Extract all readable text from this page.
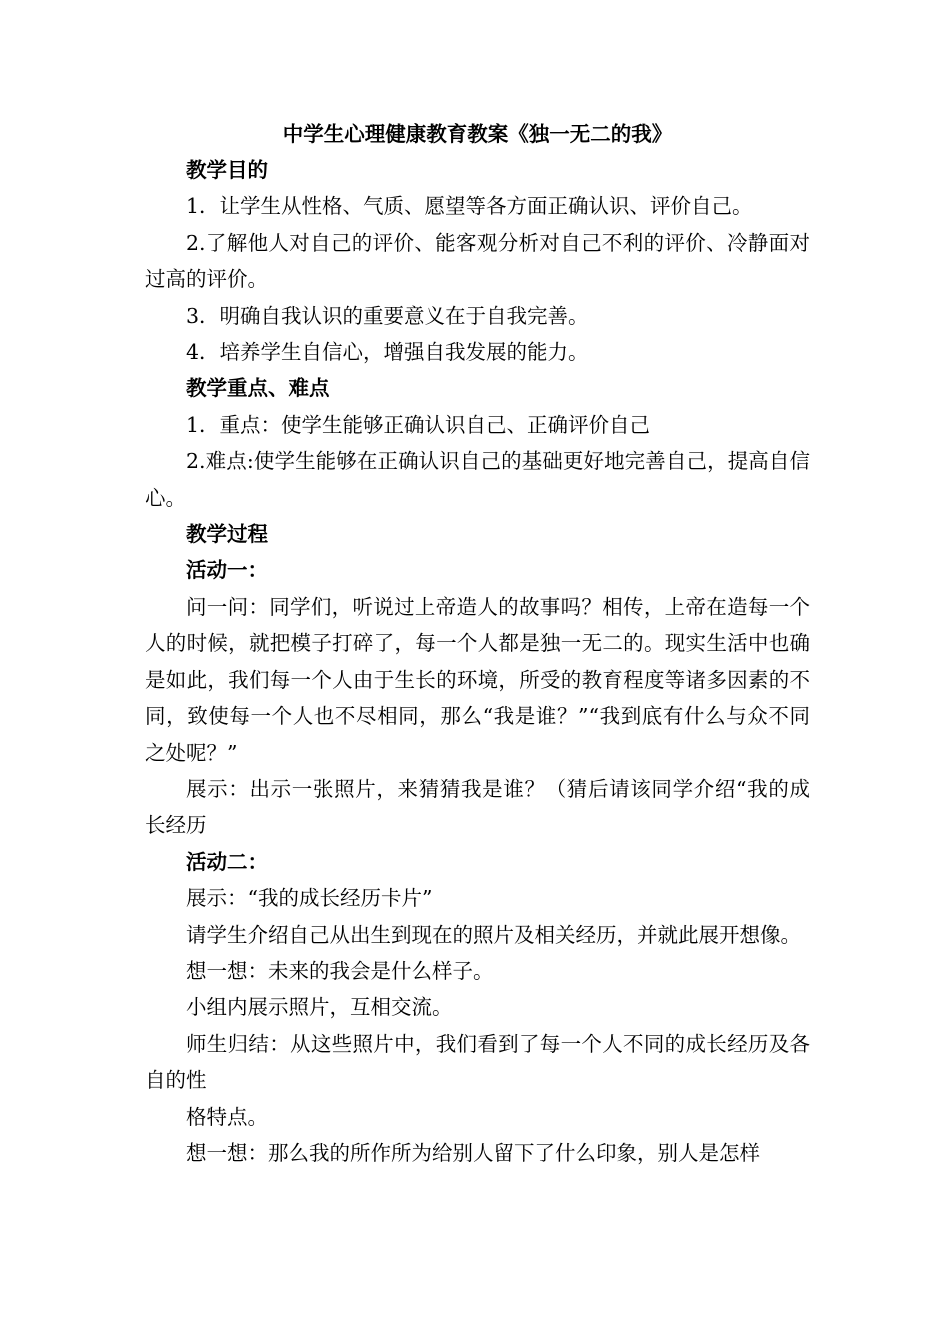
中学生心理健康教育教案《独一无二的我》

教学目的

1．让学生从性格、气质、愿望等各方面正确认识、评价自己。

2.了解他人对自己的评价、能客观分析对自己不利的评价、冷静面对过高的评价。

3．明确自我认识的重要意义在于自我完善。

4．培养学生自信心，增强自我发展的能力。

教学重点、难点

1．重点：使学生能够正确认识自己、正确评价自己

2.难点:使学生能够在正确认识自己的基础更好地完善自己，提高自信心。

教学过程

活动一：

问一问：同学们，听说过上帝造人的故事吗？相传，上帝在造每一个人的时候，就把模子打碎了，每一个人都是独一无二的。现实生活中也确是如此，我们每一个人由于生长的环境，所受的教育程度等诸多因素的不同，致使每一个人也不尽相同，那么“我是谁？”“我到底有什么与众不同之处呢？”

展示：出示一张照片，来猜猜我是谁？（猜后请该同学介绍“我的成长经历

活动二：

展示：“我的成长经历卡片”

请学生介绍自己从出生到现在的照片及相关经历，并就此展开想像。

想一想：未来的我会是什么样子。

小组内展示照片，互相交流。

师生归结：从这些照片中，我们看到了每一个人不同的成长经历及各自的性

格特点。

想一想：那么我的所作所为给别人留下了什么印象，别人是怎样
